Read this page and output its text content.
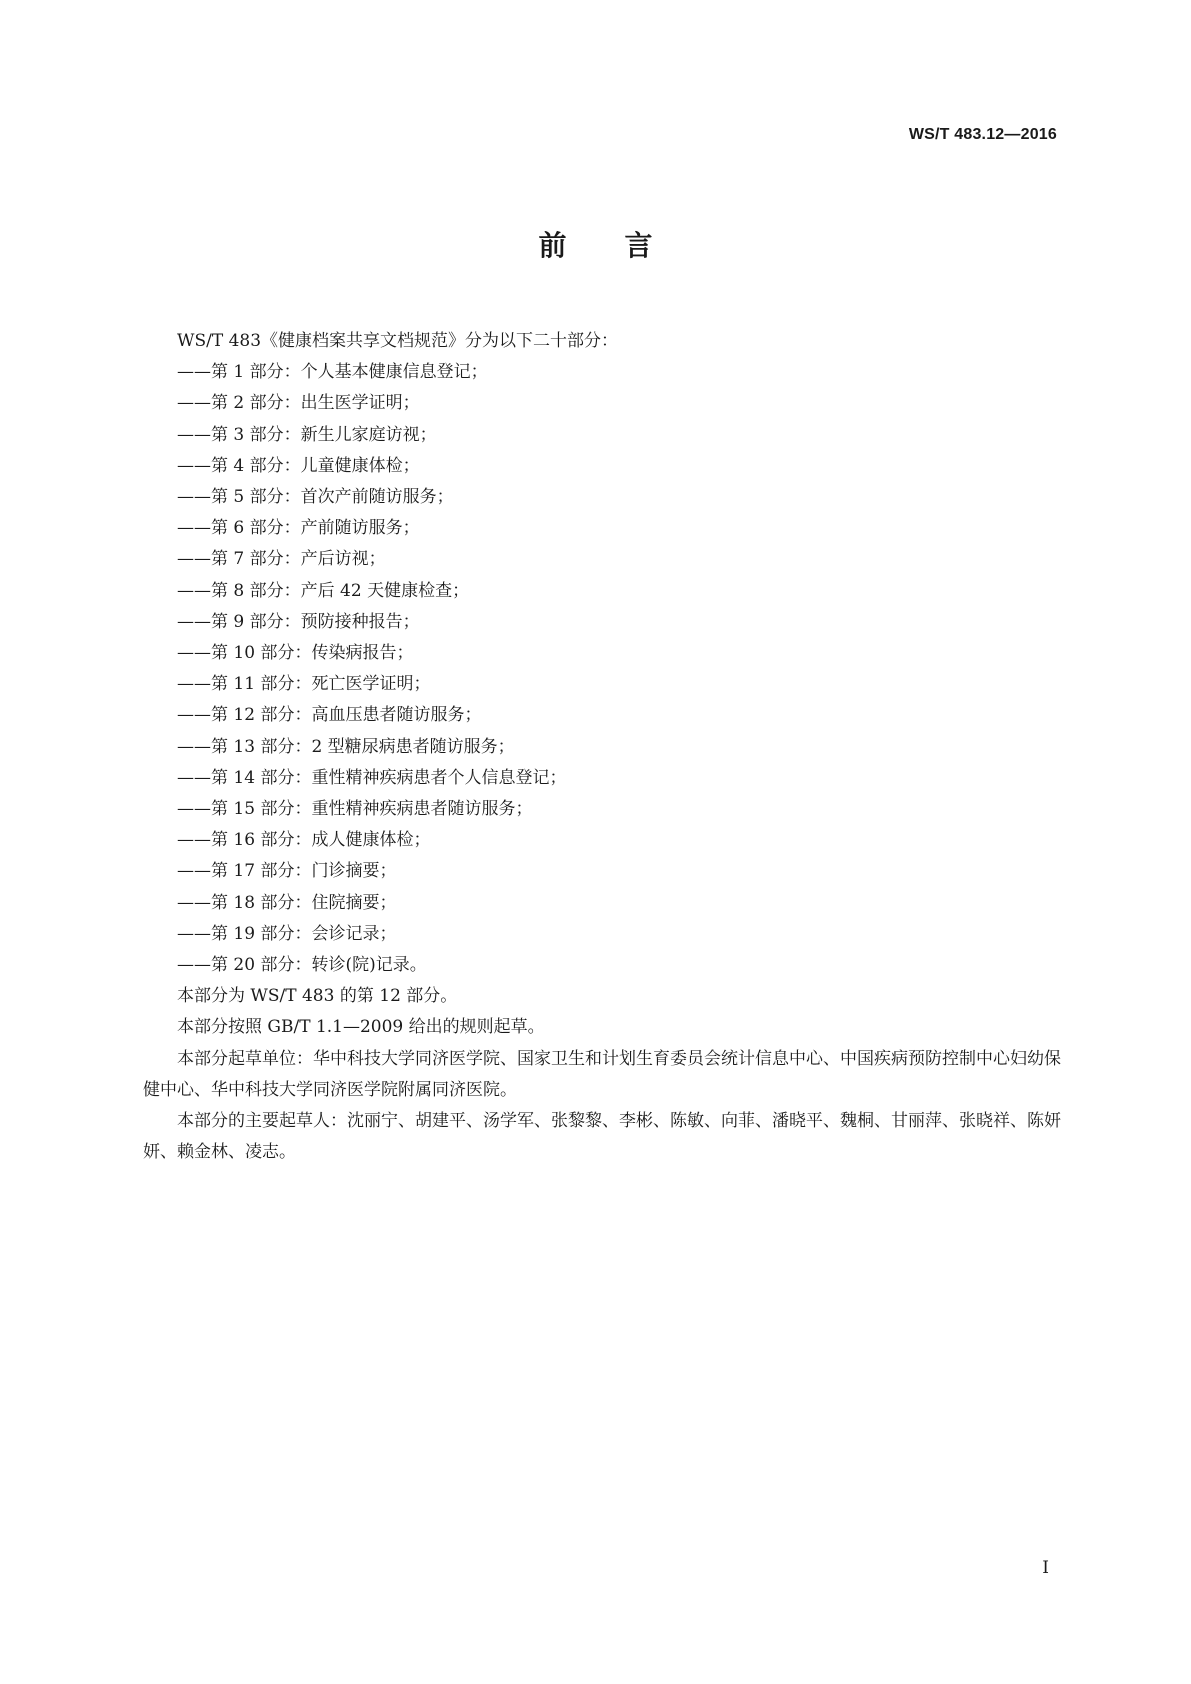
WS/T 483.12—2016
前言

WS/T 483《健康档案共享文档规范》分为以下二十部分：

——第 1 部分：个人基本健康信息登记；
——第 2 部分：出生医学证明；
——第 3 部分：新生儿家庭访视；
——第 4 部分：儿童健康体检；
——第 5 部分：首次产前随访服务；
——第 6 部分：产前随访服务；
——第 7 部分：产后访视；
——第 8 部分：产后 42 天健康检查；
——第 9 部分：预防接种报告；
——第 10 部分：传染病报告；
——第 11 部分：死亡医学证明；
——第 12 部分：高血压患者随访服务；
——第 13 部分：2 型糖尿病患者随访服务；
——第 14 部分：重性精神疾病患者个人信息登记；
——第 15 部分：重性精神疾病患者随访服务；
——第 16 部分：成人健康体检；
——第 17 部分：门诊摘要；
——第 18 部分：住院摘要；
——第 19 部分：会诊记录；
——第 20 部分：转诊(院)记录。

本部分为 WS/T 483 的第 12 部分。

本部分按照 GB/T 1.1—2009 给出的规则起草。

本部分起草单位：华中科技大学同济医学院、国家卫生和计划生育委员会统计信息中心、中国疾病预防控制中心妇幼保健中心、华中科技大学同济医学院附属同济医院。

本部分的主要起草人：沈丽宁、胡建平、汤学军、张黎黎、李彬、陈敏、向菲、潘晓平、魏桐、甘丽萍、张晓祥、陈妍妍、赖金林、凌志。

I
